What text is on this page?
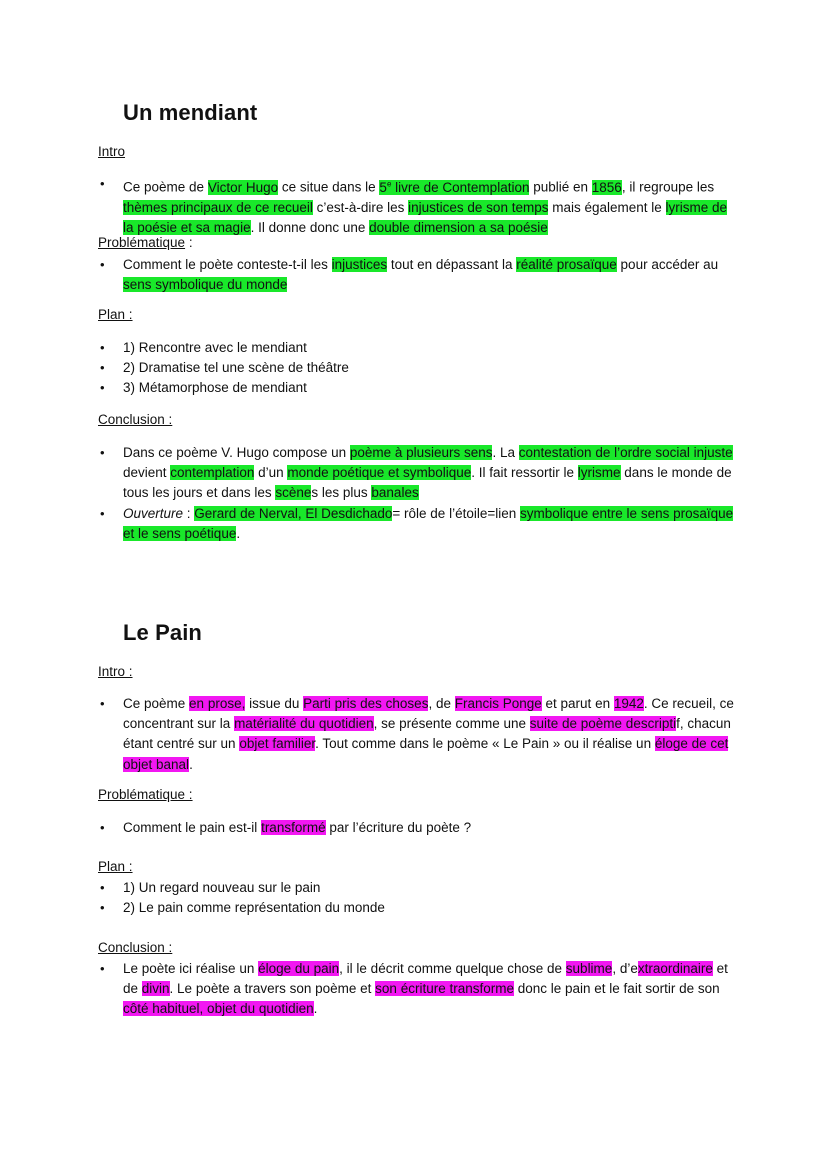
Un mendiant

Intro

• Ce poème de Victor Hugo ce situe dans le 5e livre de Contemplation publié en 1856, il regroupe les thèmes principaux de ce recueil c’est-à-dire les injustices de son temps mais également le lyrisme de la poésie et sa magie. Il donne donc une double dimension a sa poésie

Problématique :

• Comment le poète conteste-t-il les injustices tout en dépassant la réalité prosaïque pour accéder au sens symbolique du monde

Plan :

• 1) Rencontre avec le mendiant
• 2) Dramatise tel une scène de théâtre
• 3) Métamorphose de mendiant

Conclusion :

• Dans ce poème V. Hugo compose un poème à plusieurs sens. La contestation de l’ordre social injuste devient contemplation d’un monde poétique et symbolique. Il fait ressortir le lyrisme dans le monde de tous les jours et dans les scènes les plus banales
• Ouverture : Gerard de Nerval, El Desdichado= rôle de l’étoile=lien symbolique entre le sens prosaïque et le sens poétique.
Le Pain

Intro :

• Ce poème en prose, issue du Parti pris des choses, de Francis Ponge et parut en 1942. Ce recueil, ce concentrant sur la matérialité du quotidien, se présente comme une suite de poème descriptif, chacun étant centré sur un objet familier. Tout comme dans le poème « Le Pain » ou il réalise un éloge de cet objet banal.

Problématique :

• Comment le pain est-il transformé par l’écriture du poète ?

Plan :

• 1) Un regard nouveau sur le pain
• 2) Le pain comme représentation du monde

Conclusion :

• Le poète ici réalise un éloge du pain, il le décrit comme quelque chose de sublime, d’extraordinaire et de divin. Le poète a travers son poème et son écriture transforme donc le pain et le fait sortir de son côté habituel, objet du quotidien.
